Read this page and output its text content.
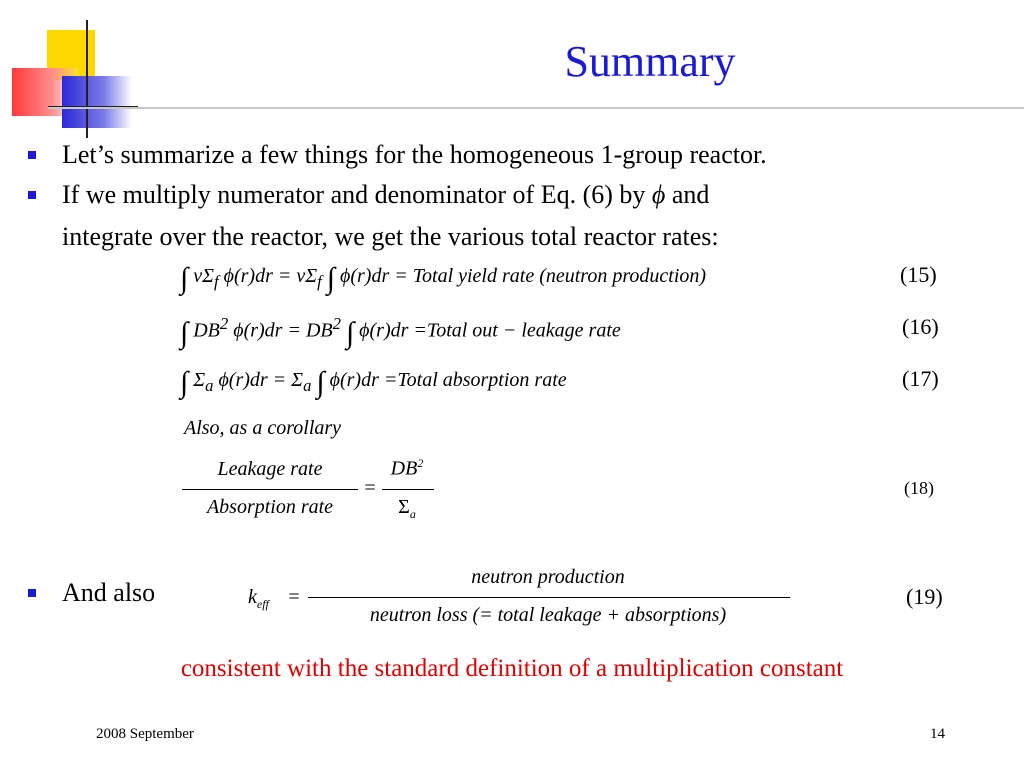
Summary
Let’s summarize a few things for the homogeneous 1-group reactor.
If we multiply numerator and denominator of Eq. (6) by ϕ and
integrate over the reactor, we get the various total reactor rates:
∫ $\nu\Sigma_f$ $\phi(r)dr = \nu\Sigma_f$ ∫ ϕ(r)dr = Total yield rate (neutron production)	(15)
∫ $DB^2$ $\phi(r)dr = DB^2$ ∫ ϕ(r)dr =Total out − leakage rate	(16)
∫ $\Sigma_a$ $\phi(r)dr = \Sigma_a$ ∫ ϕ(r)dr =Total absorption rate	(17)
Also, as a corollary
Leakage rate
Absorption rate
=
$DB^2$
$\Sigma_a$
(18)
And also	$k_{eff}$ =
neutron production
neutron loss (= total leakage + absorptions)
(19)
consistent with the standard definition of a multiplication constant
2008 September	14
